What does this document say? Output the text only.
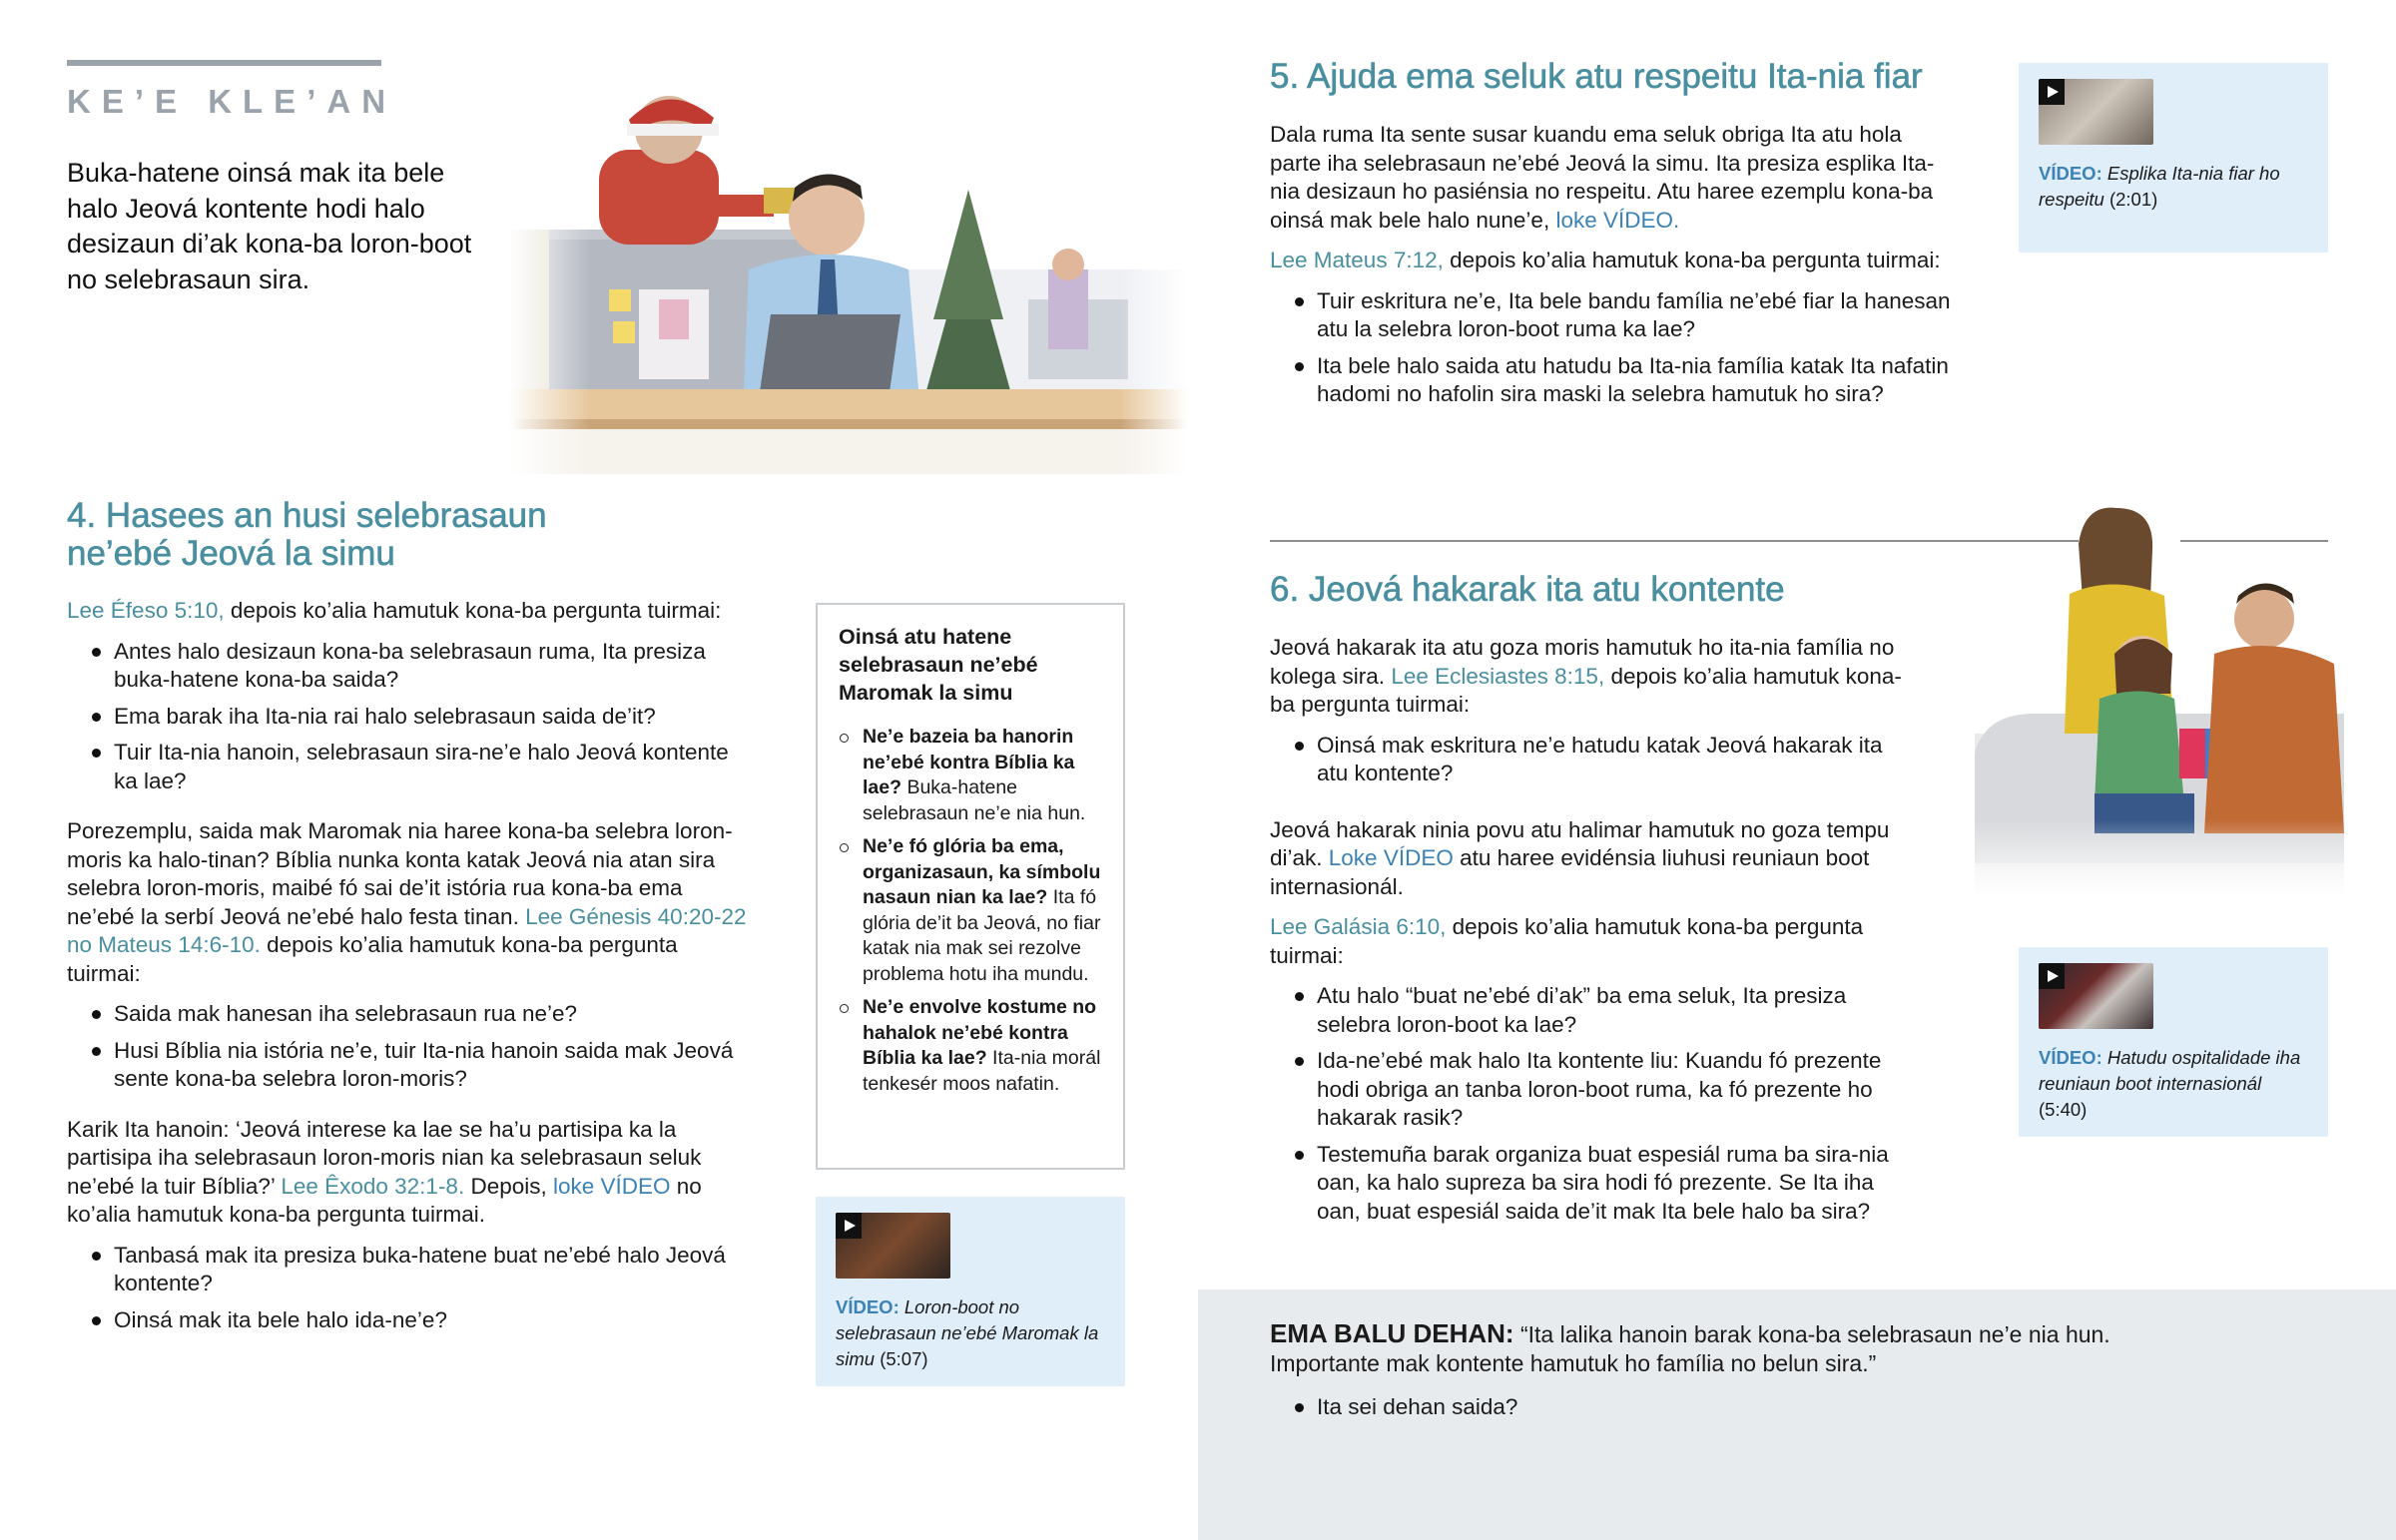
KE’E KLE’AN

Buka-hatene oinsá mak ita bele halo Jeová kontente hodi halo desizaun di’ak kona-ba loron-boot no selebrasaun sira.

4. Hasees an husi selebrasaun
ne’ebé Jeová la simu

Lee Éfeso 5:10, depois ko’alia hamutuk kona-ba pergunta tuirmai:

Antes halo desizaun kona-ba selebrasaun ruma, Ita presiza buka-hatene kona-ba saida?
Ema barak iha Ita-nia rai halo selebrasaun saida de’it?
Tuir Ita-nia hanoin, selebrasaun sira-ne’e halo Jeová kontente ka lae?

Porezemplu, saida mak Maromak nia haree kona-ba selebra loron-moris ka halo-tinan? Bíblia nunka konta katak Jeová nia atan sira selebra loron-moris, maibé fó sai de’it istória rua kona-ba ema ne’ebé la serbí Jeová ne’ebé halo festa tinan. Lee Génesis 40:20-22 no Mateus 14:6-10. depois ko’alia hamutuk kona-ba pergunta tuirmai:

Saida mak hanesan iha selebrasaun rua ne’e?
Husi Bíblia nia istória ne’e, tuir Ita-nia hanoin saida mak Jeová sente kona-ba selebra loron-moris?

Karik Ita hanoin: ‘Jeová interese ka lae se ha’u partisipa ka la partisipa iha selebrasaun loron-moris nian ka selebrasaun seluk ne’ebé la tuir Bíblia?’ Lee Êxodo 32:1-8. Depois, loke VÍDEO no ko’alia hamutuk kona-ba pergunta tuirmai.

Tanbasá mak ita presiza buka-hatene buat ne’ebé halo Jeová kontente?
Oinsá mak ita bele halo ida-ne’e?
Oinsá atu hatene selebrasaun ne’ebé Maromak la simu
Ne’e bazeia ba hanorin ne’ebé kontra Bíblia ka lae? Buka-hatene selebrasaun ne’e nia hun.
Ne’e fó glória ba ema, organizasaun, ka símbolu nasaun nian ka lae? Ita fó glória de’it ba Jeová, no fiar katak nia mak sei rezolve problema hotu iha mundu.
Ne’e envolve kostume no hahalok ne’ebé kontra Bíblia ka lae? Ita-nia morál tenkesér moos nafatin.
VÍDEO: Loron-boot no selebrasaun ne’ebé Maromak la simu (5:07)
5. Ajuda ema seluk atu respeitu Ita-nia fiar

Dala ruma Ita sente susar kuandu ema seluk obriga Ita atu hola parte iha selebrasaun ne’ebé Jeová la simu. Ita presiza esplika Ita-nia desizaun ho pasiénsia no respeitu. Atu haree ezemplu kona-ba oinsá mak bele halo nune’e, loke VÍDEO.

Lee Mateus 7:12, depois ko’alia hamutuk kona-ba pergunta tuirmai:

Tuir eskritura ne’e, Ita bele bandu família ne’ebé fiar la hanesan atu la selebra loron-boot ruma ka lae?
Ita bele halo saida atu hatudu ba Ita-nia família katak Ita nafatin hadomi no hafolin sira maski la selebra hamutuk ho sira?
VÍDEO: Esplika Ita-nia fiar ho respeitu (2:01)
6. Jeová hakarak ita atu kontente

Jeová hakarak ita atu goza moris hamutuk ho ita-nia família no kolega sira. Lee Eclesiastes 8:15, depois ko’alia hamutuk kona-ba pergunta tuirmai:

Oinsá mak eskritura ne’e hatudu katak Jeová hakarak ita atu kontente?

Jeová hakarak ninia povu atu halimar hamutuk no goza tempu di’ak. Loke VÍDEO atu haree evidénsia liuhusi reuniaun boot internasionál.

Lee Galásia 6:10, depois ko’alia hamutuk kona-ba pergunta tuirmai:

Atu halo “buat ne’ebé di’ak” ba ema seluk, Ita presiza selebra loron-boot ka lae?
Ida-ne’ebé mak halo Ita kontente liu: Kuandu fó prezente hodi obriga an tanba loron-boot ruma, ka fó prezente ho hakarak rasik?
Testemuña barak organiza buat espesiál ruma ba sira-nia oan, ka halo supreza ba sira hodi fó prezente. Se Ita iha oan, buat espesiál saida de’it mak Ita bele halo ba sira?
VÍDEO: Hatudu ospitalidade iha reuniaun boot internasionál (5:40)

EMA BALU DEHAN: “Ita lalika hanoin barak kona-ba selebrasaun ne’e nia hun. Importante mak kontente hamutuk ho família no belun sira.”

Ita sei dehan saida?
